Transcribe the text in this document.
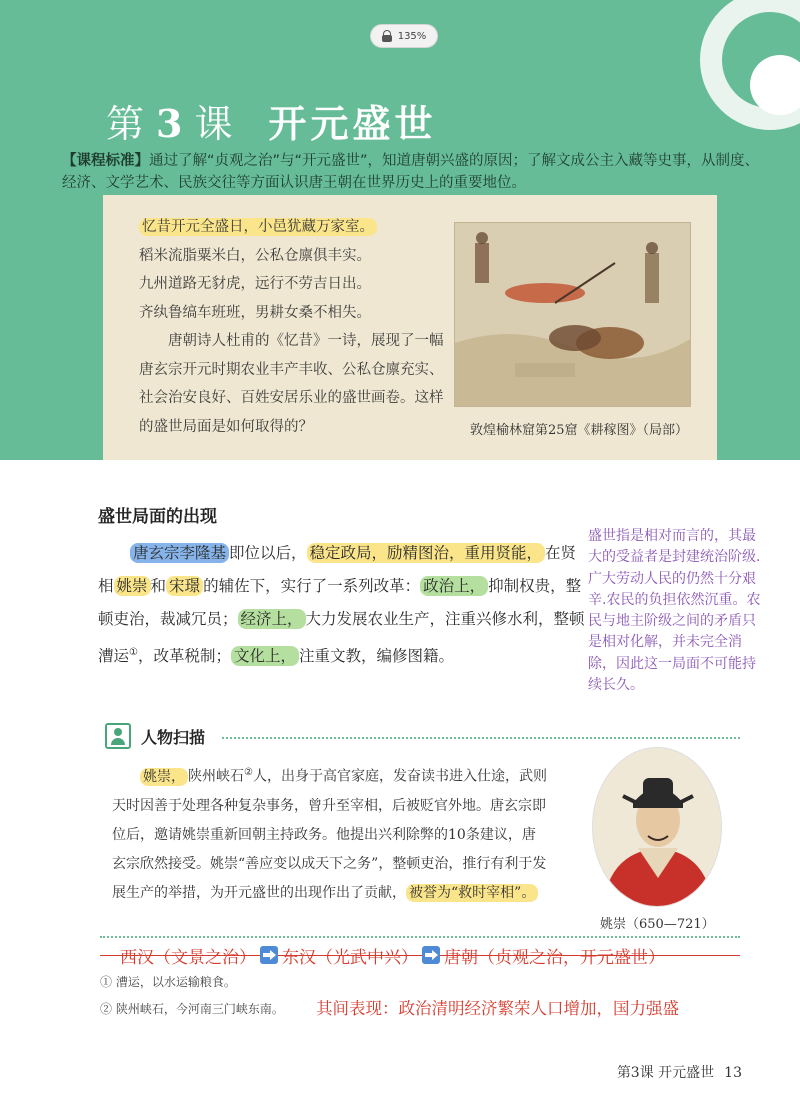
135%
第 3 课 开元盛世
【课程标准】通过了解“贞观之治”与“开元盛世”，知道唐朝兴盛的原因；了解文成公主入藏等史事，从制度、经济、文学艺术、民族交往等方面认识唐王朝在世界历史上的重要地位。

忆昔开元全盛日，小邑犹藏万家室。

稻米流脂粟米白，公私仓廪俱丰实。

九州道路无豺虎，远行不劳吉日出。

齐纨鲁缟车班班，男耕女桑不相失。

唐朝诗人杜甫的《忆昔》一诗，展现了一幅唐玄宗开元时期农业丰产丰收、公私仓廪充实、社会治安良好、百姓安居乐业的盛世画卷。这样的盛世局面是如何取得的？	敦煌榆林窟第25窟《耕稼图》（局部）
盛世局面的出现
唐玄宗李隆基 即位以后， 稳定政局，励精图治，重用贤能， 在贤相 姚崇 和 宋璟 的辅佐下，实行了一系列改革： 政治上， 抑制权贵，整顿吏治，裁减冗员； 经济上， 大力发展农业生产，注重兴修水利，整顿漕运①，改革税制； 文化上， 注重文教，编修图籍。
盛世指是相对而言的，其最大的受益者是封建统治阶级.广大劳动人民的仍然十分艰辛.农民的负担依然沉重。农民与地主阶级之间的矛盾只是相对化解，并未完全消除，因此这一局面不可能持续长久。
人物扫描
姚崇， 陕州峡石②人，出身于高官家庭，发奋读书进入仕途，武则天时因善于处理各种复杂事务，曾升至宰相，后被贬官外地。唐玄宗即位后，邀请姚崇重新回朝主持政务。他提出兴利除弊的10条建议，唐玄宗欣然接受。姚崇“善应变以成天下之务”，整顿吏治，推行有利于发展生产的举措，为开元盛世的出现作出了贡献， 被誉为“救时宰相”。
姚崇（650—721）
西汉（文景之治） 东汉（光武中兴） 唐朝（贞观之治，开元盛世）
① 漕运，以水运输粮食。
② 陕州峡石，今河南三门峡东南。 其间表现：政治清明经济繁荣人口增加，国力强盛
第3课 开元盛世 13
